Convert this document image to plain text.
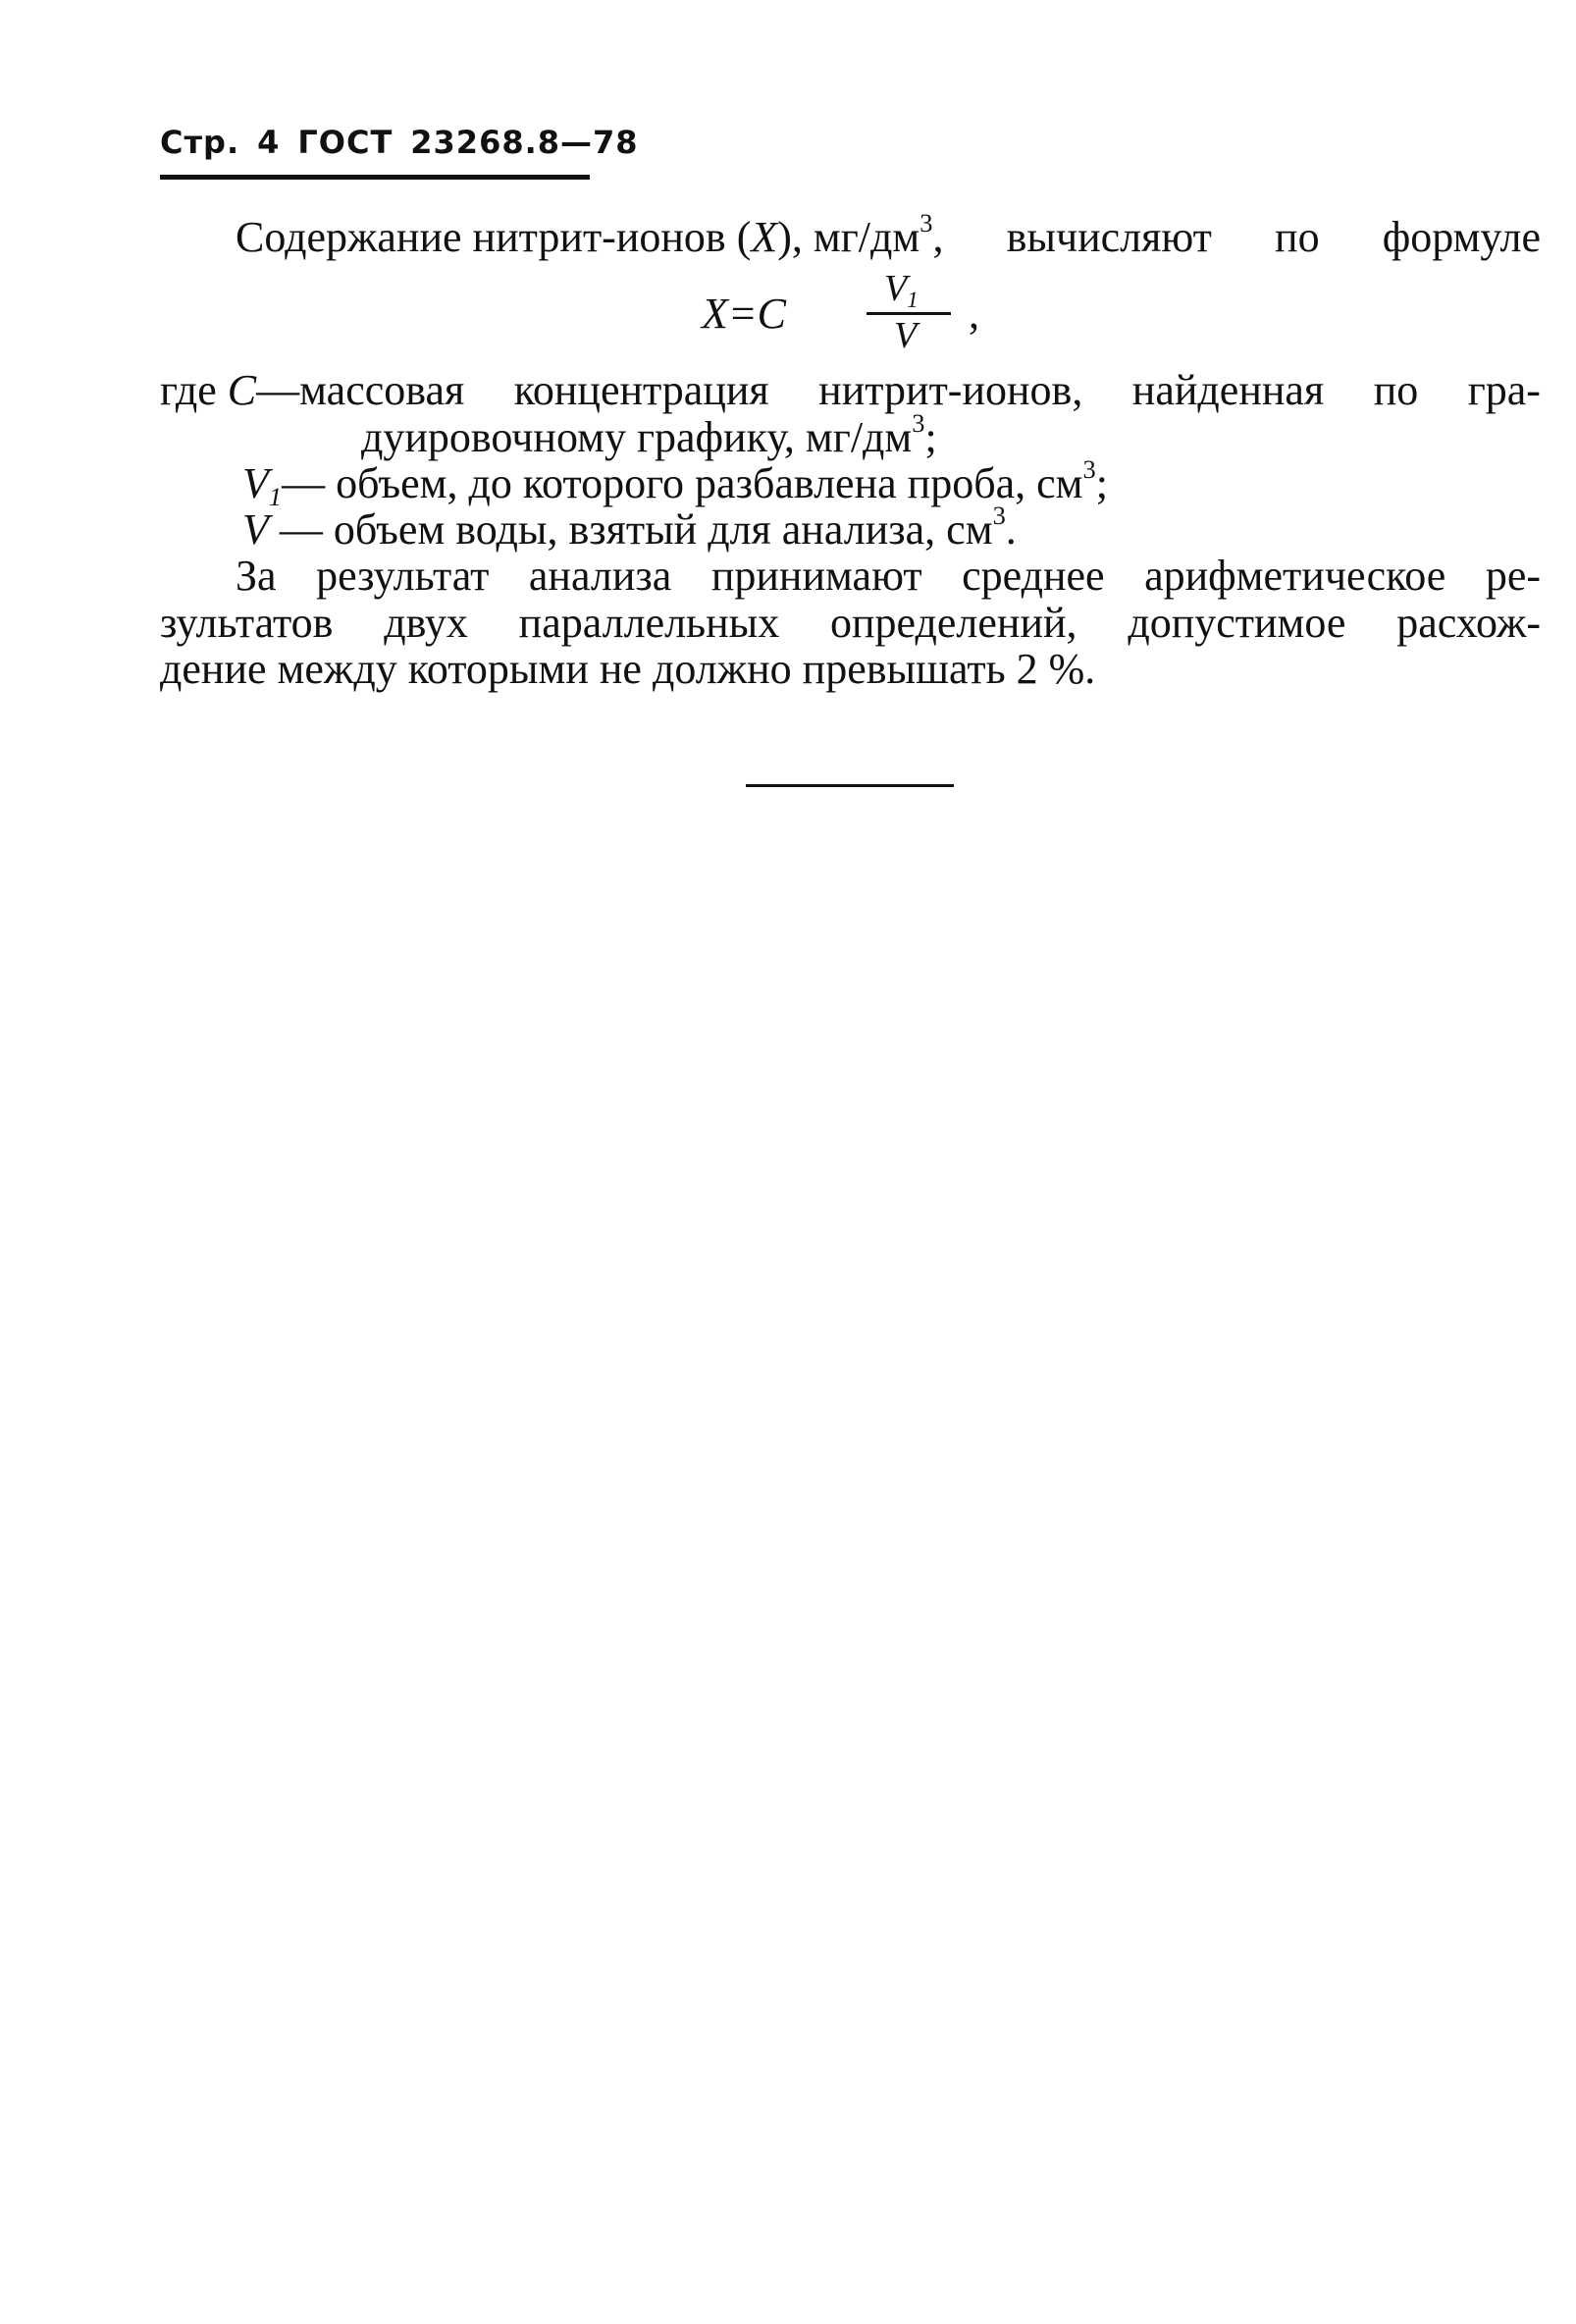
Стр. 4 ГОСТ 23268.8—78
Содержание нитрит-ионов (X), $мг/дм^3$, вычисляют по формуле
X=C
$V_1$
V ,
где C—массовая концентрация нитрит-ионов, найденная по гра-
дуировочному графику, $мг/дм^3$;
$V_1—$ объем, до которого разбавлена проба, $см^3$;
V — объем воды, взятый для анализа, $см^3$.
За результат анализа принимают среднее арифметическое ре-
зультатов двух параллельных определений, допустимое расхож-
дение между которыми не должно превышать 2 %.
